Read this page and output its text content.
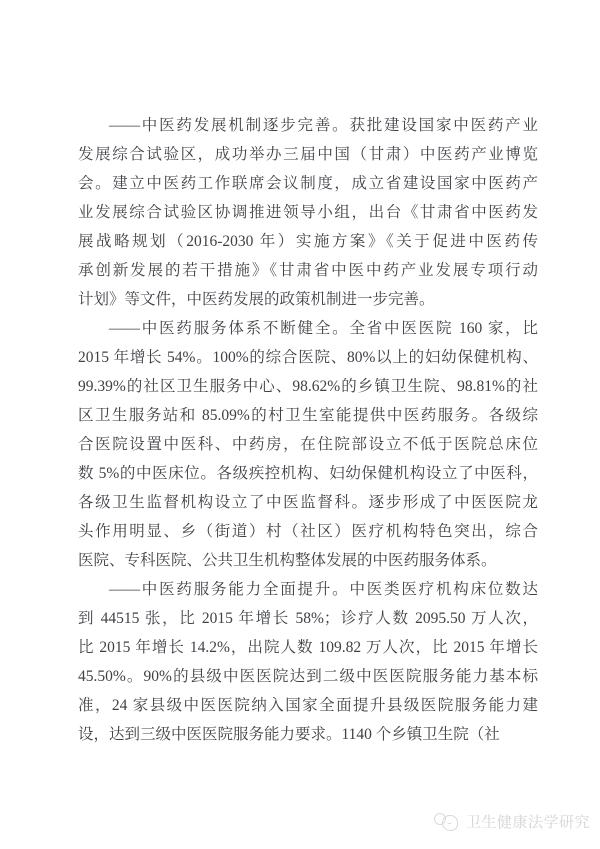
——中医药发展机制逐步完善。获批建设国家中医药产业
发展综合试验区，成功举办三届中国（甘肃）中医药产业博览
会。建立中医药工作联席会议制度，成立省建设国家中医药产
业发展综合试验区协调推进领导小组，出台《甘肃省中医药发
展战略规划（2016-2030 年）实施方案》《关于促进中医药传
承创新发展的若干措施》《甘肃省中医中药产业发展专项行动
计划》等文件，中医药发展的政策机制进一步完善。
——中医药服务体系不断健全。全省中医医院 160 家，比
2015 年增长 54%。100%的综合医院、80%以上的妇幼保健机构、
99.39%的社区卫生服务中心、98.62%的乡镇卫生院、98.81%的社
区卫生服务站和 85.09%的村卫生室能提供中医药服务。各级综
合医院设置中医科、中药房，在住院部设立不低于医院总床位
数 5%的中医床位。各级疾控机构、妇幼保健机构设立了中医科，
各级卫生监督机构设立了中医监督科。逐步形成了中医医院龙
头作用明显、乡（街道）村（社区）医疗机构特色突出，综合
医院、专科医院、公共卫生机构整体发展的中医药服务体系。
——中医药服务能力全面提升。中医类医疗机构床位数达
到 44515 张，比 2015 年增长 58%；诊疗人数 2095.50 万人次，
比 2015 年增长 14.2%，出院人数 109.82 万人次，比 2015 年增长
45.50%。90%的县级中医医院达到二级中医医院服务能力基本标
准，24 家县级中医医院纳入国家全面提升县级医院服务能力建
设，达到三级中医医院服务能力要求。1140 个乡镇卫生院（社
卫生健康法学研究
